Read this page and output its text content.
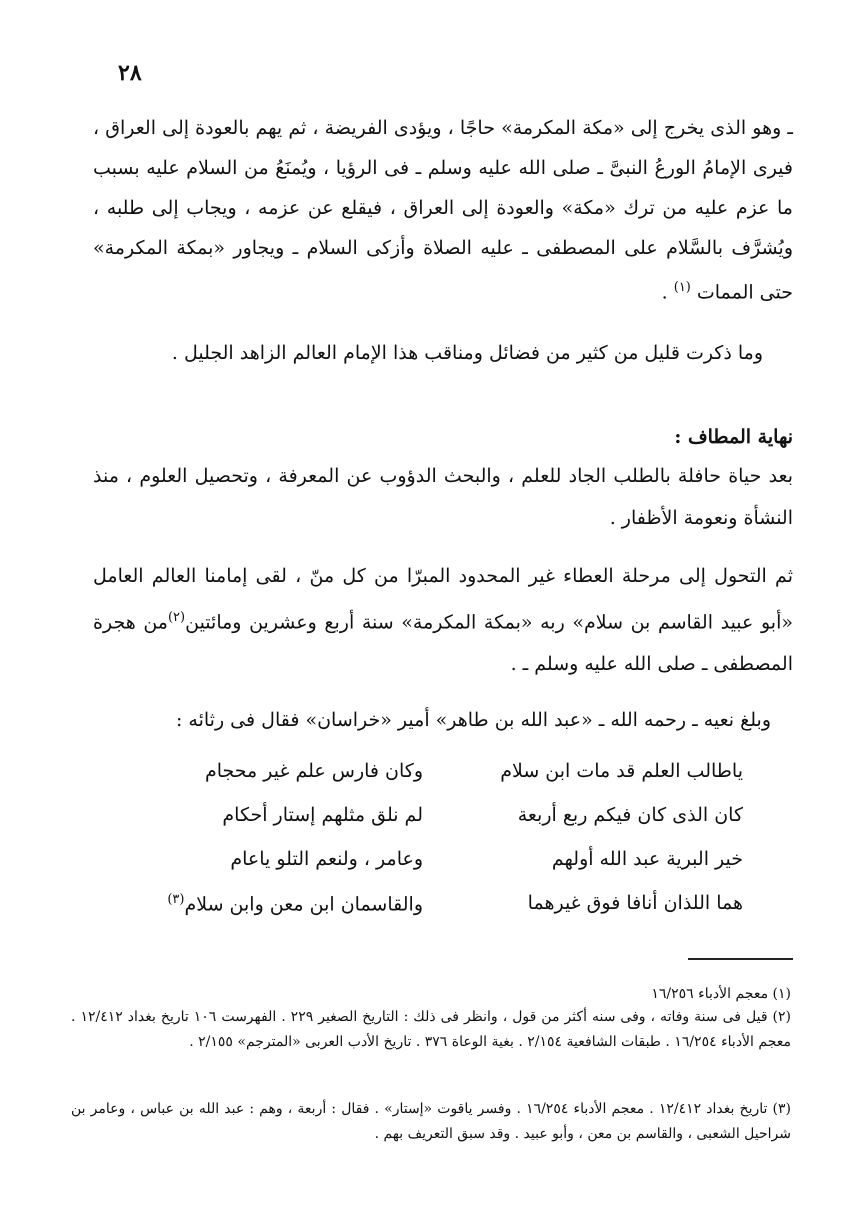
٢٨
ـ وهو الذى يخرج إلى «مكة المكرمة» حاجًا ، ويؤدى الفريضة ، ثم يهم بالعودة إلى العراق ، فيرى الإمامُ الورعُ النبىَّ ـ صلى الله عليه وسلم ـ فى الرؤيا ، ويُمنَعُ من السلام عليه بسبب ما عزم عليه من ترك «مكة» والعودة إلى العراق ، فيقلع عن عزمه ، ويجاب إلى طلبه ، ويُشرَّف بالسَّلام على المصطفى ـ عليه الصلاة وأزكى السلام ـ ويجاور «بمكة المكرمة» حتى الممات $^{(١)}$ .
وما ذكرت قليل من كثير من فضائل ومناقب هذا الإمام العالم الزاهد الجليل .
نهاية المطاف :
بعد حياة حافلة بالطلب الجاد للعلم ، والبحث الدؤوب عن المعرفة ، وتحصيل العلوم ، منذ النشأة ونعومة الأظفار .
ثم التحول إلى مرحلة العطاء غير المحدود المبرّا من كل منّ ، لقى إمامنا العالم العامل «أبو عبيد القاسم بن سلام» ربه «بمكة المكرمة» سنة أربع وعشرين ومائتين$^{(٢)}$من هجرة المصطفى ـ صلى الله عليه وسلم ـ .
وبلغ نعيه ـ رحمه الله ـ «عبد الله بن طاهر» أمير «خراسان» فقال فى رثائه :
ياطالب العلم قد مات ابن سلام
وكان فارس علم غير محجام
كان الذى كان فيكم ربع أربعة
لم نلق مثلهم إستار أحكام
خير البرية عبد الله أولهم
وعامر ، ولنعم التلو ياعام
هما اللذان أنافا فوق غيرهما
والقاسمان ابن معن وابن سلام$^{(٣)}$
(١) معجم الأدباء ١٦/٢٥٦
(٢) قيل فى سنة وفاته ، وفى سنه أكثر من قول ، وانظر فى ذلك : التاريخ الصغير ٢٢٩ . الفهرست ١٠٦ تاريخ بغداد ١٢/٤١٢ . معجم الأدباء ١٦/٢٥٤ . طبقات الشافعية ٢/١٥٤ . بغية الوعاة ٣٧٦ . تاريخ الأدب العربى «المترجم» ٢/١٥٥ .
(٣) تاريخ بغداد ١٢/٤١٢ . معجم الأدباء ١٦/٢٥٤ . وفسر ياقوت «إستار» . فقال : أربعة ، وهم : عبد الله بن عباس ، وعامر بن شراحيل الشعبى ، والقاسم بن معن ، وأبو عبيد . وقد سبق التعريف بهم .
